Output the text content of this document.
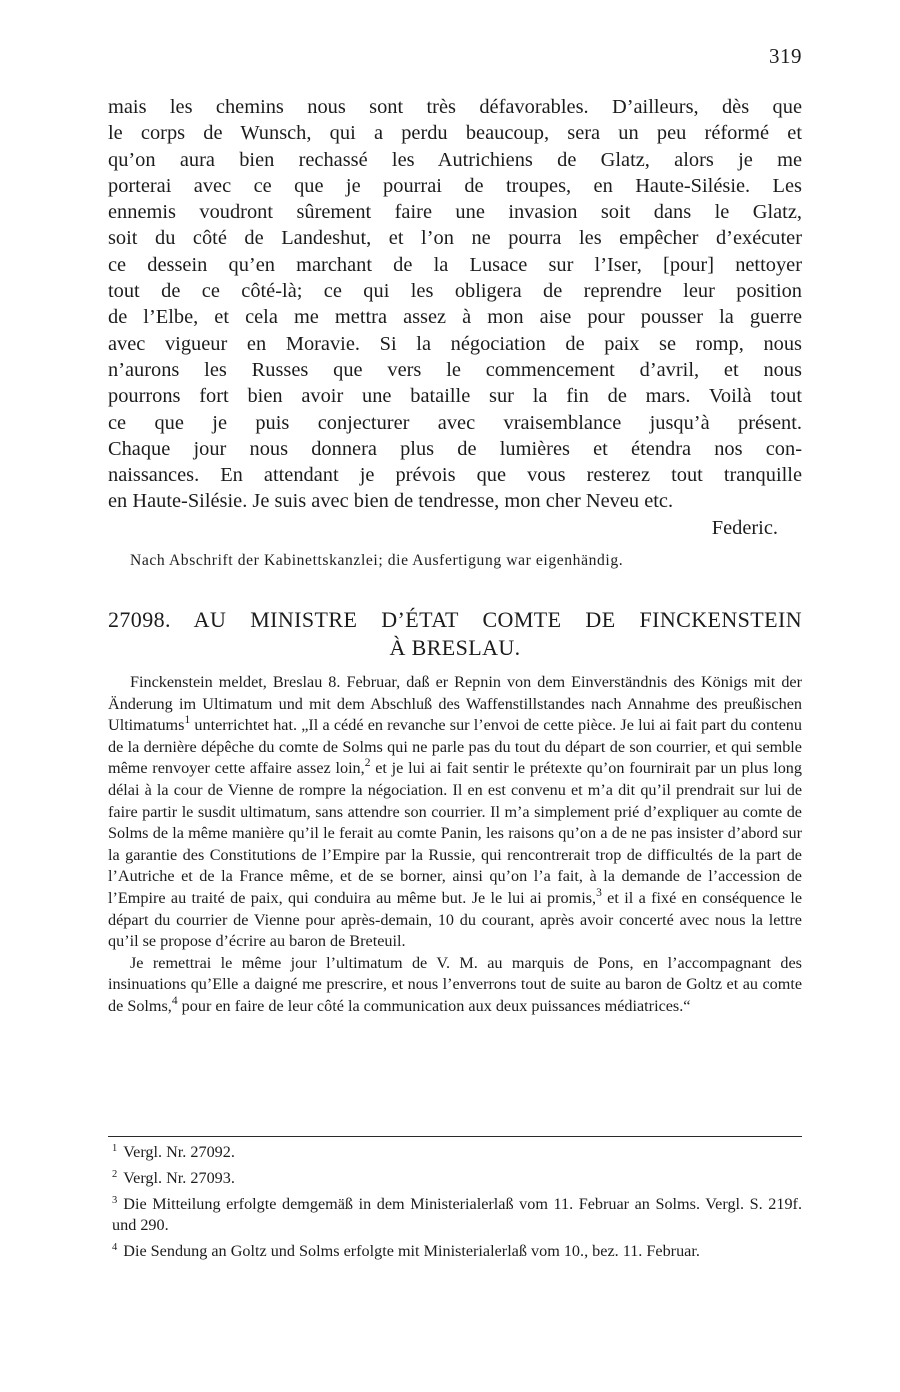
319

mais les chemins nous sont très défavorables. D’ailleurs, dès que

le corps de Wunsch, qui a perdu beaucoup, sera un peu réformé et

qu’on aura bien rechassé les Autrichiens de Glatz, alors je me

porterai avec ce que je pourrai de troupes, en Haute-Silésie. Les

ennemis voudront sûrement faire une invasion soit dans le Glatz,

soit du côté de Landeshut, et l’on ne pourra les empêcher d’exécuter

ce dessein qu’en marchant de la Lusace sur l’Iser, [pour] nettoyer

tout de ce côté-là; ce qui les obligera de reprendre leur position

de l’Elbe, et cela me mettra assez à mon aise pour pousser la guerre

avec vigueur en Moravie. Si la négociation de paix se romp, nous

n’aurons les Russes que vers le commencement d’avril, et nous

pourrons fort bien avoir une bataille sur la fin de mars. Voilà tout

ce que je puis conjecturer avec vraisemblance jusqu’à présent.

Chaque jour nous donnera plus de lumières et étendra nos con-

naissances. En attendant je prévois que vous resterez tout tranquille

en Haute-Silésie. Je suis avec bien de tendresse, mon cher Neveu etc.

Federic.
Nach Abschrift der Kabinettskanzlei; die Ausfertigung war eigenhändig.
27098. AU MINISTRE D’ÉTAT COMTE DE FINCKENSTEIN
À BRESLAU.

Finckenstein meldet, Breslau 8. Februar, daß er Repnin von dem Einverständnis des Königs mit der Änderung im Ultimatum und mit dem Abschluß des Waffenstillstandes nach Annahme des preußischen Ultimatums$^1$ unterrichtet hat. „Il a cédé en revanche sur l’envoi de cette pièce. Je lui ai fait part du contenu de la dernière dépêche du comte de Solms qui ne parle pas du tout du départ de son courrier, et qui semble même renvoyer cette affaire assez loin,$^2$ et je lui ai fait sentir le prétexte qu’on fournirait par un plus long délai à la cour de Vienne de rompre la négociation. Il en est convenu et m’a dit qu’il prendrait sur lui de faire partir le susdit ultimatum, sans attendre son courrier. Il m’a simplement prié d’expliquer au comte de Solms de la même manière qu’il le ferait au comte Panin, les raisons qu’on a de ne pas insister d’abord sur la garantie des Constitutions de l’Empire par la Russie, qui rencontrerait trop de difficultés de la part de l’Autriche et de la France même, et de se borner, ainsi qu’on l’a fait, à la demande de l’accession de l’Empire au traité de paix, qui conduira au même but. Je le lui ai promis,$^3$ et il a fixé en conséquence le départ du courrier de Vienne pour après-demain, 10 du courant, après avoir concerté avec nous la lettre qu’il se propose d’écrire au baron de Breteuil.

Je remettrai le même jour l’ultimatum de V. M. au marquis de Pons, en l’accompagnant des insinuations qu’Elle a daigné me prescrire, et nous l’enverrons tout de suite au baron de Goltz et au comte de Solms,$^4$ pour en faire de leur côté la communication aux deux puissances médiatrices.“

$^1$ Vergl. Nr. 27092.

$^2$ Vergl. Nr. 27093.

$^3$ Die Mitteilung erfolgte demgemäß in dem Ministerialerlaß vom 11. Februar an Solms. Vergl. S. 219f. und 290.

$^4$ Die Sendung an Goltz und Solms erfolgte mit Ministerialerlaß vom 10., bez. 11. Februar.
